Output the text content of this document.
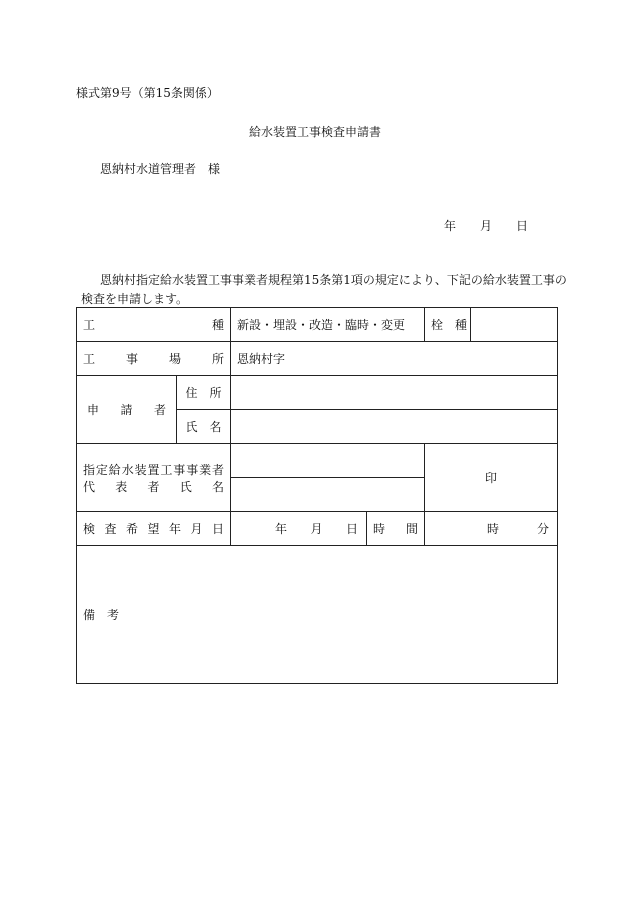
様式第9号（第15条関係）
給水装置工事検査申請書
恩納村水道管理者　様
年 月 日
恩納村指定給水装置工事事業者規程第15条第1項の規定により、下記の給水装置工事の
検査を申請します。
工　　　種		新設・埋設・改造・臨時・変更		栓　種	
工　事　場　所		恩納村字			

申　請　者	住　所				
	氏　名				

指定給水装置工事事業者
代　表　者　氏　名				印	

検査希望年月日		年 月 日	時　間	時 分	

備　考					
